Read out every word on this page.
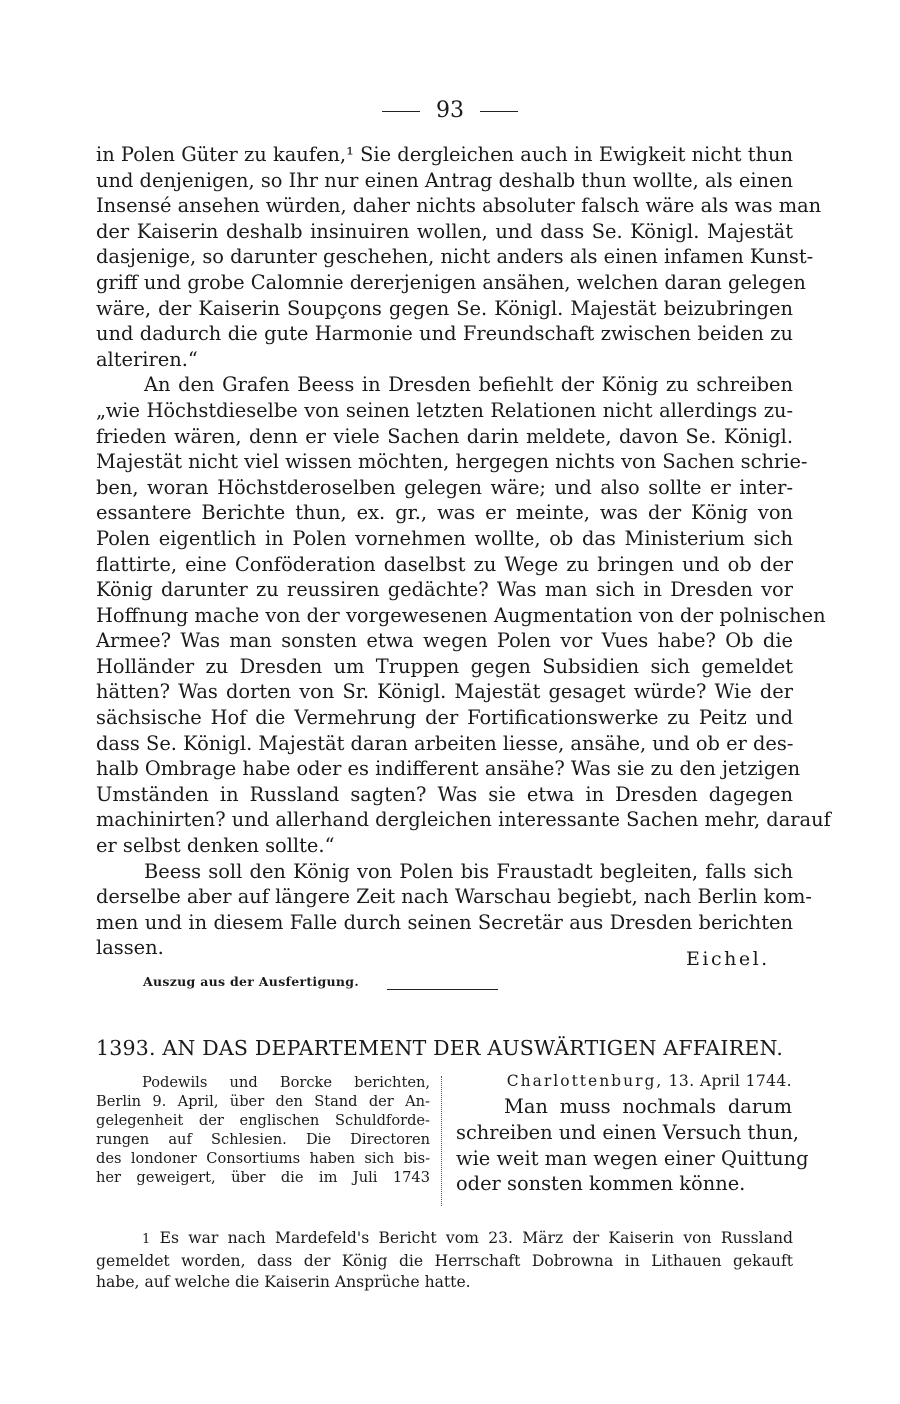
93

in Polen Güter zu kaufen,¹ Sie dergleichen auch in Ewigkeit nicht thun
und denjenigen, so Ihr nur einen Antrag deshalb thun wollte, als einen
Insensé ansehen würden, daher nichts absoluter falsch wäre als was man
der Kaiserin deshalb insinuiren wollen, und dass Se. Königl. Majestät
dasjenige, so darunter geschehen, nicht anders als einen infamen Kunst-
griff und grobe Calomnie dererjenigen ansähen, welchen daran gelegen
wäre, der Kaiserin Soupçons gegen Se. Königl. Majestät beizubringen
und dadurch die gute Harmonie und Freundschaft zwischen beiden zu
alteriren.“

An den Grafen Beess in Dresden befiehlt der König zu schreiben
„wie Höchstdieselbe von seinen letzten Relationen nicht allerdings zu-
frieden wären, denn er viele Sachen darin meldete, davon Se. Königl.
Majestät nicht viel wissen möchten, hergegen nichts von Sachen schrie-
ben, woran Höchstderoselben gelegen wäre; und also sollte er inter-
essantere Berichte thun, ex. gr., was er meinte, was der König von
Polen eigentlich in Polen vornehmen wollte, ob das Ministerium sich
flattirte, eine Conföderation daselbst zu Wege zu bringen und ob der
König darunter zu reussiren gedächte? Was man sich in Dresden vor
Hoffnung mache von der vorgewesenen Augmentation von der polnischen
Armee? Was man sonsten etwa wegen Polen vor Vues habe? Ob die
Holländer zu Dresden um Truppen gegen Subsidien sich gemeldet
hätten? Was dorten von Sr. Königl. Majestät gesaget würde? Wie der
sächsische Hof die Vermehrung der Fortificationswerke zu Peitz und
dass Se. Königl. Majestät daran arbeiten liesse, ansähe, und ob er des-
halb Ombrage habe oder es indifferent ansähe? Was sie zu den jetzigen
Umständen in Russland sagten? Was sie etwa in Dresden dagegen
machinirten? und allerhand dergleichen interessante Sachen mehr, darauf
er selbst denken sollte.“

Beess soll den König von Polen bis Fraustadt begleiten, falls sich
derselbe aber auf längere Zeit nach Warschau begiebt, nach Berlin kom-
men und in diesem Falle durch seinen Secretär aus Dresden berichten
lassen.	Eichel.
Auszug aus der Ausfertigung.
1393. AN DAS DEPARTEMENT DER AUSWÄRTIGEN AFFAIREN.
Podewils und Borcke berichten,
Berlin 9. April, über den Stand der An-
gelegenheit der englischen Schuldforde-
rungen auf Schlesien. Die Directoren
des londoner Consortiums haben sich bis-
her geweigert, über die im Juli 1743
Charlottenburg, 13. April 1744.
Man muss nochmals darum
schreiben und einen Versuch thun,
wie weit man wegen einer Quittung
oder sonsten kommen könne.
1 Es war nach Mardefeld's Bericht vom 23. März der Kaiserin von Russland
gemeldet worden, dass der König die Herrschaft Dobrowna in Lithauen gekauft
habe, auf welche die Kaiserin Ansprüche hatte.
